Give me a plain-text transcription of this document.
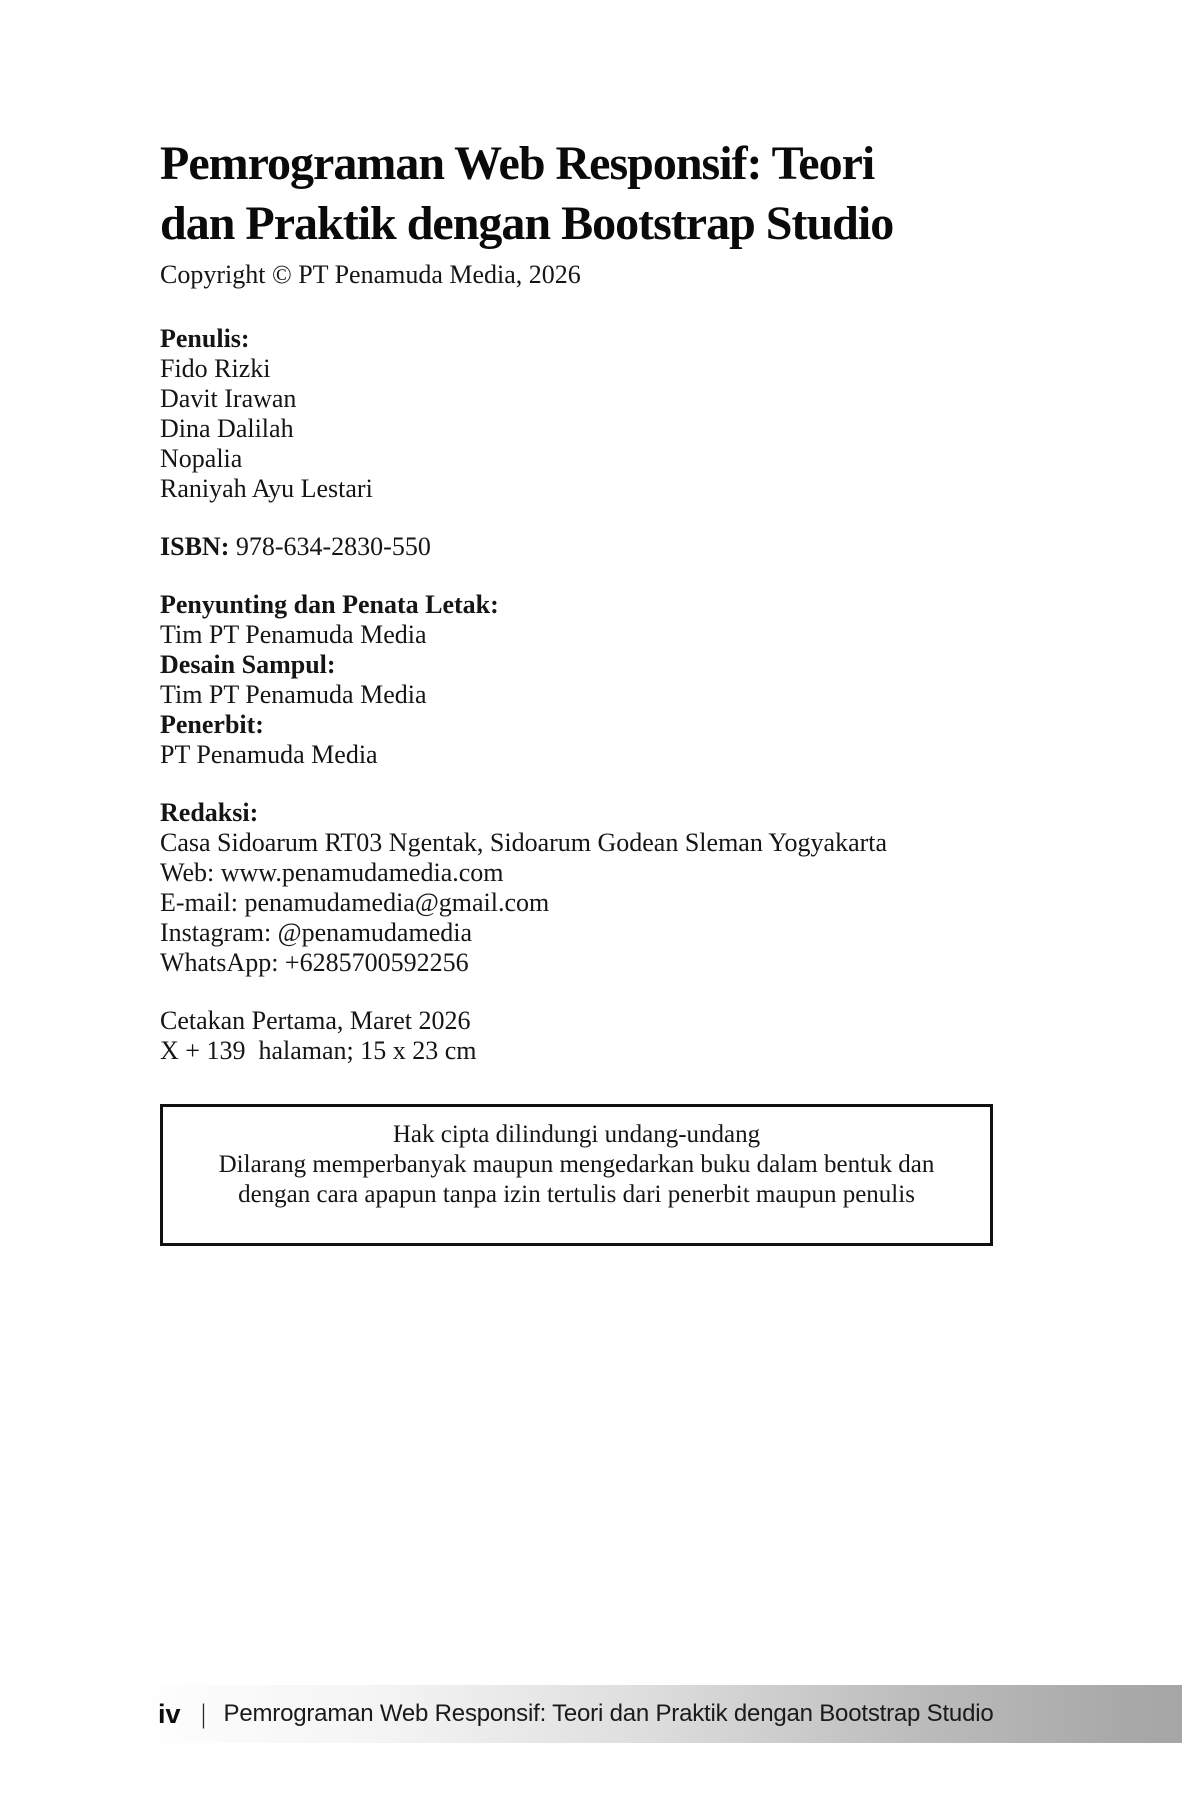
Pemrograman Web Responsif: Teori
dan Praktik dengan Bootstrap Studio
Copyright © PT Penamuda Media, 2026
Penulis:
Fido Rizki
Davit Irawan
Dina Dalilah
Nopalia
Raniyah Ayu Lestari
ISBN: 978-634-2830-550
Penyunting dan Penata Letak:
Tim PT Penamuda Media
Desain Sampul:
Tim PT Penamuda Media
Penerbit:
PT Penamuda Media
Redaksi:
Casa Sidoarum RT03 Ngentak, Sidoarum Godean Sleman Yogyakarta
Web: www.penamudamedia.com
E-mail: penamudamedia@gmail.com
Instagram: @penamudamedia
WhatsApp: +6285700592256
Cetakan Pertama, Maret 2026
X + 139  halaman; 15 x 23 cm
Hak cipta dilindungi undang-undang
Dilarang memperbanyak maupun mengedarkan buku dalam bentuk dan
dengan cara apapun tanpa izin tertulis dari penerbit maupun penulis
iv | Pemrograman Web Responsif: Teori dan Praktik dengan Bootstrap Studio
